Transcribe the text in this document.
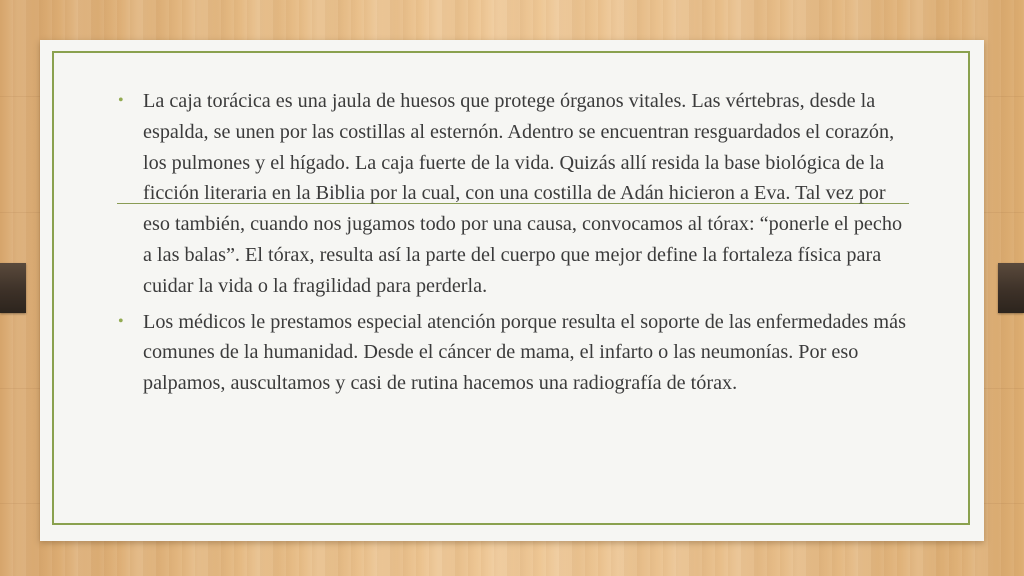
• La caja torácica es una jaula de huesos que protege órganos vitales. Las vértebras, desde la espalda, se unen por las costillas al esternón. Adentro se encuentran resguardados el corazón, los pulmones y el hígado. La caja fuerte de la vida. Quizás allí resida la base biológica de la ficción literaria en la Biblia por la cual, con una costilla de Adán hicieron a Eva. Tal vez por eso también, cuando nos jugamos todo por una causa, convocamos al tórax: “ponerle el pecho a las balas”. El tórax, resulta así la parte del cuerpo que mejor define la fortaleza física para cuidar la vida o la fragilidad para perderla.
• Los médicos le prestamos especial atención porque resulta el soporte de las enfermedades más comunes de la humanidad. Desde el cáncer de mama, el infarto o las neumonías. Por eso palpamos, auscultamos y casi de rutina hacemos una radiografía de tórax.
